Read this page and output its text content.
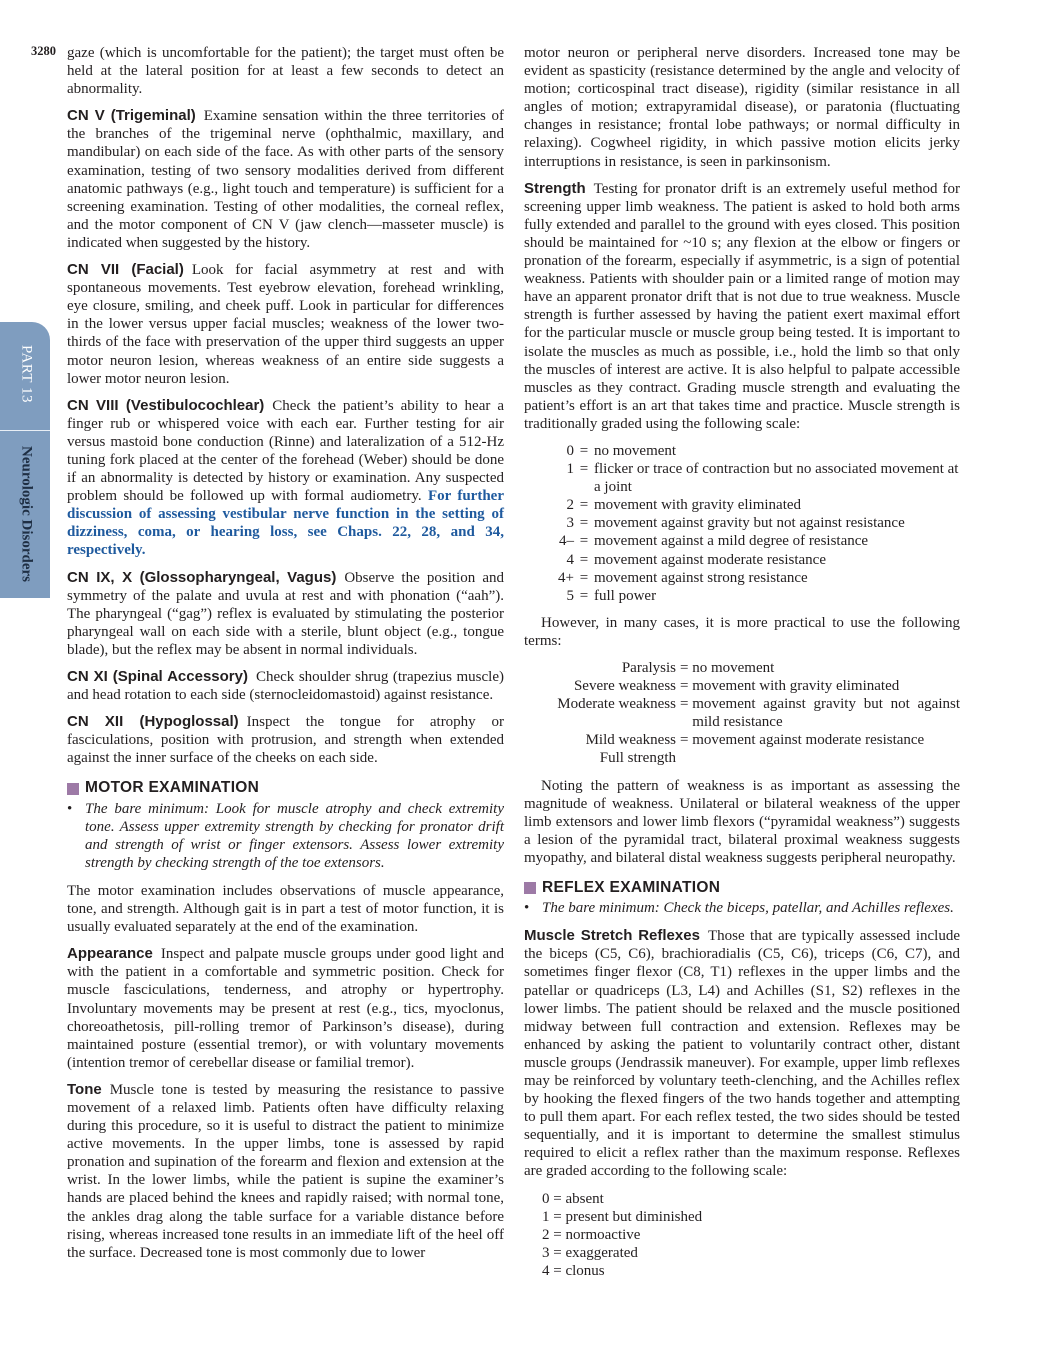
3280
PART 13
Neurologic Disorders

gaze (which is uncomfortable for the patient); the target must often be held at the lateral position for at least a few seconds to detect an abnormality.

CN V (Trigeminal) Examine sensation within the three territories of the branches of the trigeminal nerve (ophthalmic, maxillary, and mandibular) on each side of the face. As with other parts of the sensory examination, testing of two sensory modalities derived from different anatomic pathways (e.g., light touch and temperature) is sufficient for a screening examination. Testing of other modalities, the corneal reflex, and the motor component of CN V (jaw clench—masseter muscle) is indicated when suggested by the history.

CN VII (Facial) Look for facial asymmetry at rest and with spontaneous movements. Test eyebrow elevation, forehead wrinkling, eye closure, smiling, and cheek puff. Look in particular for differences in the lower versus upper facial muscles; weakness of the lower two-thirds of the face with preservation of the upper third suggests an upper motor neuron lesion, whereas weakness of an entire side suggests a lower motor neuron lesion.

CN VIII (Vestibulocochlear) Check the patient’s ability to hear a finger rub or whispered voice with each ear. Further testing for air versus mastoid bone conduction (Rinne) and lateralization of a 512-Hz tuning fork placed at the center of the forehead (Weber) should be done if an abnormality is detected by history or examination. Any suspected problem should be followed up with formal audiometry. For further discussion of assessing vestibular nerve function in the setting of dizziness, coma, or hearing loss, see Chaps. 22, 28, and 34, respectively.

CN IX, X (Glossopharyngeal, Vagus) Observe the position and symmetry of the palate and uvula at rest and with phonation (“aah”). The pharyngeal (“gag”) reflex is evaluated by stimulating the posterior pharyngeal wall on each side with a sterile, blunt object (e.g., tongue blade), but the reflex may be absent in normal individuals.

CN XI (Spinal Accessory) Check shoulder shrug (trapezius muscle) and head rotation to each side (sternocleidomastoid) against resistance.

CN XII (Hypoglossal) Inspect the tongue for atrophy or fasciculations, position with protrusion, and strength when extended against the inner surface of the cheeks on each side.

MOTOR EXAMINATION
• The bare minimum: Look for muscle atrophy and check extremity tone. Assess upper extremity strength by checking for pronator drift and strength of wrist or finger extensors. Assess lower extremity strength by checking strength of the toe extensors.

The motor examination includes observations of muscle appearance, tone, and strength. Although gait is in part a test of motor function, it is usually evaluated separately at the end of the examination.

Appearance Inspect and palpate muscle groups under good light and with the patient in a comfortable and symmetric position. Check for muscle fasciculations, tenderness, and atrophy or hypertrophy. Involuntary movements may be present at rest (e.g., tics, myoclonus, choreoathetosis, pill-rolling tremor of Parkinson’s disease), during maintained posture (essential tremor), or with voluntary movements (intention tremor of cerebellar disease or familial tremor).

Tone Muscle tone is tested by measuring the resistance to passive movement of a relaxed limb. Patients often have difficulty relaxing during this procedure, so it is useful to distract the patient to minimize active movements. In the upper limbs, tone is assessed by rapid pronation and supination of the forearm and flexion and extension at the wrist. In the lower limbs, while the patient is supine the examiner’s hands are placed behind the knees and rapidly raised; with normal tone, the ankles drag along the table surface for a variable distance before rising, whereas increased tone results in an immediate lift of the heel off the surface. Decreased tone is most commonly due to lower

motor neuron or peripheral nerve disorders. Increased tone may be evident as spasticity (resistance determined by the angle and velocity of motion; corticospinal tract disease), rigidity (similar resistance in all angles of motion; extrapyramidal disease), or paratonia (fluctuating changes in resistance; frontal lobe pathways; or normal difficulty in relaxing). Cogwheel rigidity, in which passive motion elicits jerky interruptions in resistance, is seen in parkinsonism.

Strength Testing for pronator drift is an extremely useful method for screening upper limb weakness. The patient is asked to hold both arms fully extended and parallel to the ground with eyes closed. This position should be maintained for ~10 s; any flexion at the elbow or fingers or pronation of the forearm, especially if asymmetric, is a sign of potential weakness. Patients with shoulder pain or a limited range of motion may have an apparent pronator drift that is not due to true weakness. Muscle strength is further assessed by having the patient exert maximal effort for the particular muscle or muscle group being tested. It is important to isolate the muscles as much as possible, i.e., hold the limb so that only the muscles of interest are active. It is also helpful to palpate accessible muscles as they contract. Grading muscle strength and evaluating the patient’s effort is an art that takes time and practice. Muscle strength is traditionally graded using the following scale:

0 = no movement
1 = flicker or trace of contraction but no associated movement at a joint
2 = movement with gravity eliminated
3 = movement against gravity but not against resistance
4– = movement against a mild degree of resistance
4 = movement against moderate resistance
4+ = movement against strong resistance
5 = full power

However, in many cases, it is more practical to use the following terms:

Paralysis = no movement
Severe weakness = movement with gravity eliminated
Moderate weakness = movement against gravity but not against mild resistance
Mild weakness = movement against moderate resistance
Full strength

Noting the pattern of weakness is as important as assessing the magnitude of weakness. Unilateral or bilateral weakness of the upper limb extensors and lower limb flexors (“pyramidal weakness”) suggests a lesion of the pyramidal tract, bilateral proximal weakness suggests myopathy, and bilateral distal weakness suggests peripheral neuropathy.

REFLEX EXAMINATION
• The bare minimum: Check the biceps, patellar, and Achilles reflexes.

Muscle Stretch Reflexes Those that are typically assessed include the biceps (C5, C6), brachioradialis (C5, C6), triceps (C6, C7), and sometimes finger flexor (C8, T1) reflexes in the upper limbs and the patellar or quadriceps (L3, L4) and Achilles (S1, S2) reflexes in the lower limbs. The patient should be relaxed and the muscle positioned midway between full contraction and extension. Reflexes may be enhanced by asking the patient to voluntarily contract other, distant muscle groups (Jendrassik maneuver). For example, upper limb reflexes may be reinforced by voluntary teeth-clenching, and the Achilles reflex by hooking the flexed fingers of the two hands together and attempting to pull them apart. For each reflex tested, the two sides should be tested sequentially, and it is important to determine the smallest stimulus required to elicit a reflex rather than the maximum response. Reflexes are graded according to the following scale:

0 = absent
1 = present but diminished
2 = normoactive
3 = exaggerated
4 = clonus
